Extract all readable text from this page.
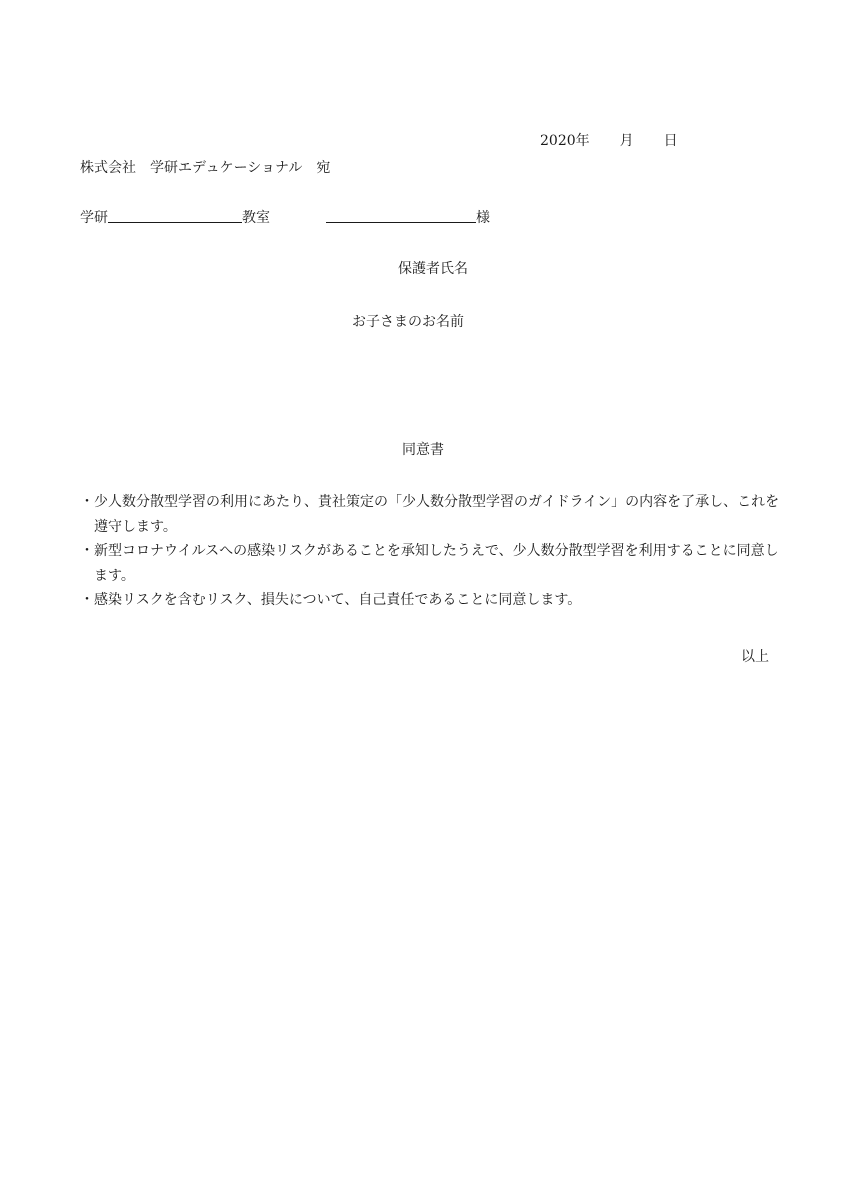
2020年 月 日
株式会社 学研エデュケーショナル 宛
学研	教室	様
保護者氏名
お子さまのお名前
同意書
・ 少人数分散型学習の利用にあたり、貴社策定の「少人数分散型学習のガイドライン」の内容を了承し、これを遵守します。
・ 新型コロナウイルスへの感染リスクがあることを承知したうえで、少人数分散型学習を利用することに同意します。
・ 感染リスクを含むリスク、損失について、自己責任であることに同意します。
以上
